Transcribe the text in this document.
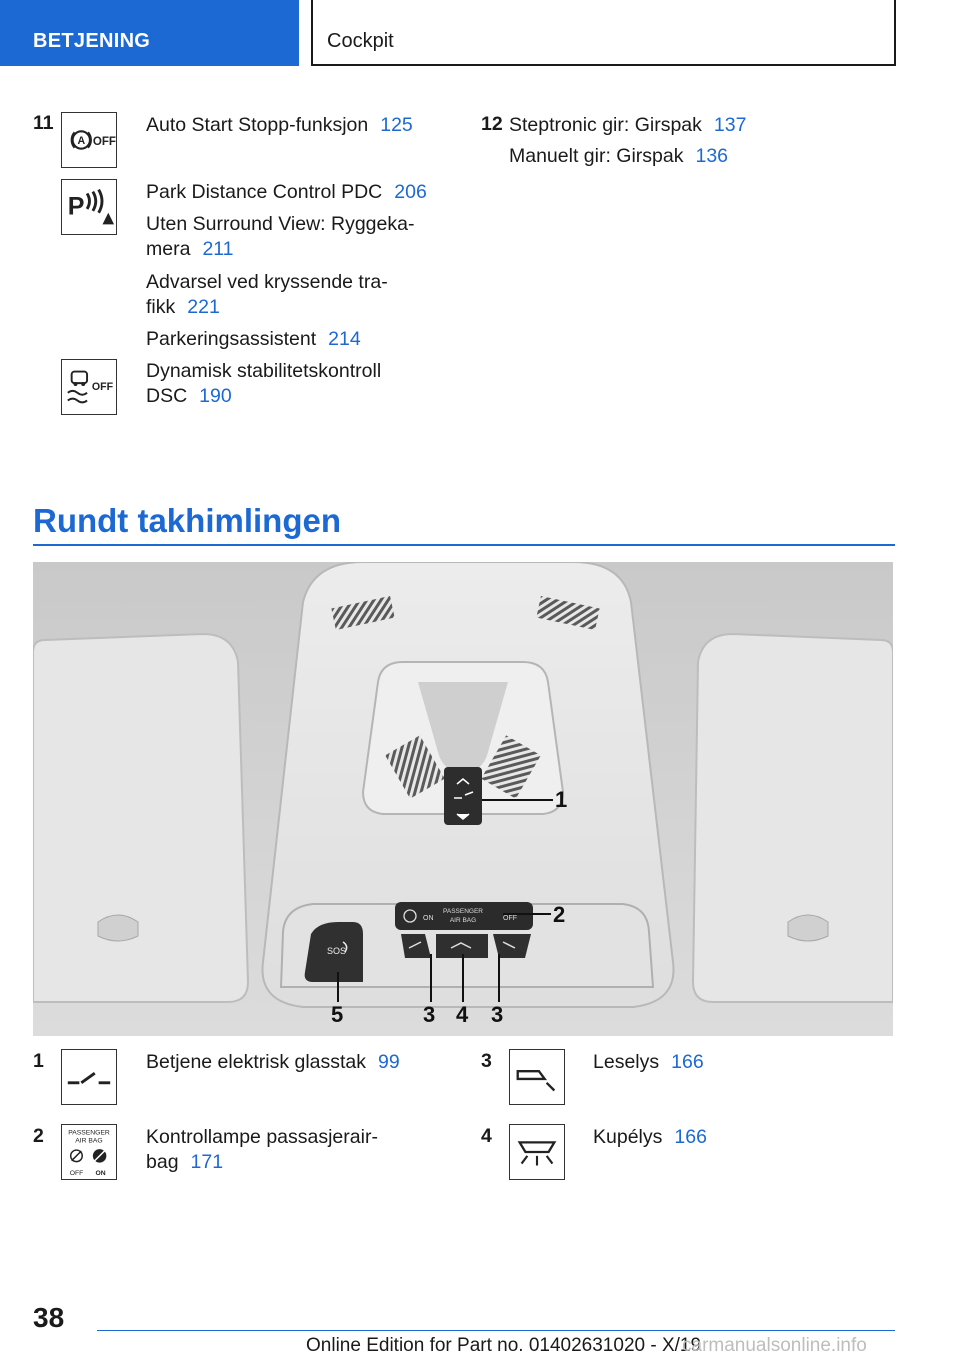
BETJENING	Cockpit
11
A OFF
Auto Start Stopp-funksjon 125
P
Park Distance Control PDC 206
Uten Surround View: Ryggeka-
mera 211
Advarsel ved kryssende tra-
fikk 221
Parkeringsassistent 214
OFF
Dynamisk stabilitetskontroll
DSC 190
12 Steptronic gir: Girspak 137
Manuelt gir: Girspak 136
Rundt takhimlingen
ON
PASSENGER
AIR BAG	OFF
SOS
1
2
3 4 3
5
1	Betjene elektrisk glasstak 99
2	PASSENGER
AIR BAG
OFF ON
Kontrollampe passasjerair-
bag 171
3	Leselys 166
4	Kupélys 166
38
Online Edition for Part no. 01402631020 - X/19
carmanualsonline.info
